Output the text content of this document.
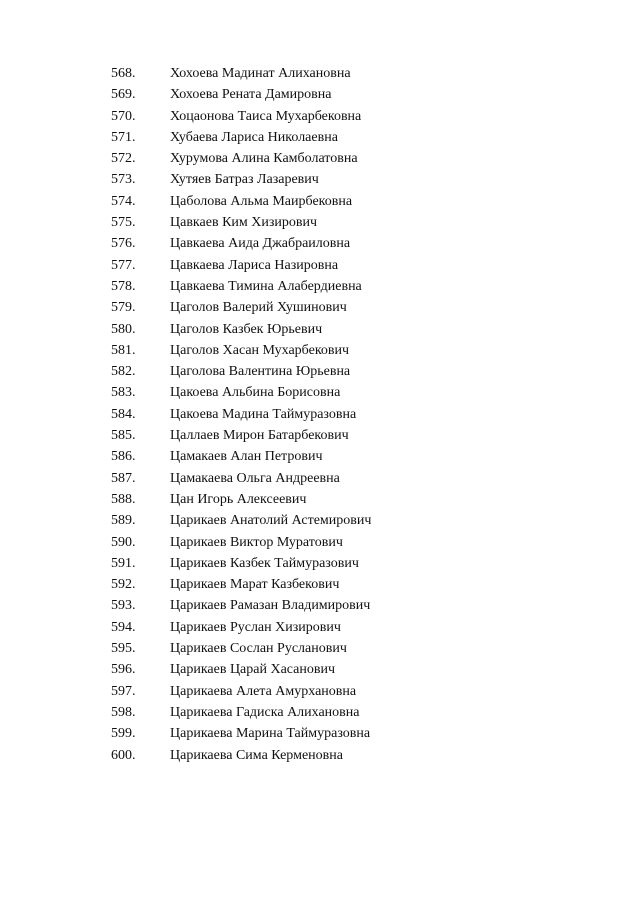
568. Хохоева Мадинат Алихановна
569. Хохоева Рената Дамировна
570. Хоцаонова Таиса Мухарбековна
571. Хубаева Лариса Николаевна
572. Хурумова Алина Камболатовна
573. Хутяев Батраз Лазаревич
574. Цаболова Альма Маирбековна
575. Цавкаев Ким Хизирович
576. Цавкаева Аида Джабраиловна
577. Цавкаева Лариса Назировна
578. Цавкаева Тимина Алабердиевна
579. Цаголов Валерий Хушинович
580. Цаголов Казбек Юрьевич
581. Цаголов Хасан Мухарбекович
582. Цаголова Валентина Юрьевна
583. Цакоева Альбина Борисовна
584. Цакоева Мадина Таймуразовна
585. Цаллаев Мирон Батарбекович
586. Цамакаев Алан Петрович
587. Цамакаева Ольга Андреевна
588. Цан Игорь Алексеевич
589. Царикаев Анатолий Астемирович
590. Царикаев Виктор Муратович
591. Царикаев Казбек Таймуразович
592. Царикаев Марат Казбекович
593. Царикаев Рамазан Владимирович
594. Царикаев Руслан Хизирович
595. Царикаев Сослан Русланович
596. Царикаев Царай Хасанович
597. Царикаева Алета Амурхановна
598. Царикаева Гадиска Алихановна
599. Царикаева Марина Таймуразовна
600. Царикаева Сима Керменовна
